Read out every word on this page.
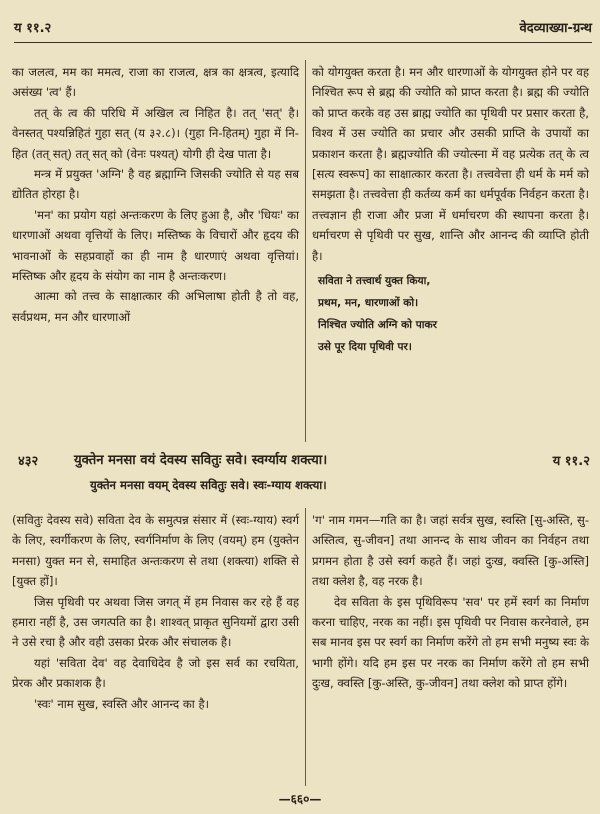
य ११.२	वेदव्याख्या-ग्रन्थ

का जलत्व, मम का ममत्व, राजा का राजत्व, क्षत्र का क्षत्रत्व, इत्यादि असंख्य 'त्व' हैं।

तत् के त्व की परिधि में अखिल त्व निहित है। तत् 'सत्' है। वेनस्तत् पश्यन्निहितं गुहा सत् (य ३२.८)। (गुहा नि-हितम्) गुहा में नि-हित (तत् सत्) तत् सत् को (वेनः पश्यत्) योगी ही देख पाता है।

मन्त्र में प्रयुक्त 'अग्नि' है वह ब्रह्माग्नि जिसकी ज्योति से यह सब द्योतित होरहा है।

'मन' का प्रयोग यहां अन्तःकरण के लिए हुआ है, और 'धियः' का धारणाओं अथवा वृत्तियों के लिए। मस्तिष्क के विचारों और हृदय की भावनाओं के सहप्रवाहों का ही नाम है धारणाएं अथवा वृत्तियां। मस्तिष्क और हृदय के संयोग का नाम है अन्तःकरण।

आत्मा को तत्त्व के साक्षात्कार की अभिलाषा होती है तो वह, सर्वप्रथम, मन और धारणाओं

को योगयुक्त करता है। मन और धारणाओं के योगयुक्त होने पर वह निश्चित रूप से ब्रह्म की ज्योति को प्राप्त करता है। ब्रह्म की ज्योति को प्राप्त करके वह उस ब्राह्म ज्योति का पृथिवी पर प्रसार करता है, विश्व में उस ज्योति का प्रचार और उसकी प्राप्ति के उपायों का प्रकाशन करता है। ब्रह्मज्योति की ज्योत्स्ना में वह प्रत्येक तत् के त्व [सत्य स्वरूप] का साक्षात्कार करता है। तत्त्ववेत्ता ही धर्म के मर्म को समझता है। तत्त्ववेत्ता ही कर्तव्य कर्म का धर्मपूर्वक निर्वहन करता है। तत्त्वज्ञान ही राजा और प्रजा में धर्माचरण की स्थापना करता है। धर्माचरण से पृथिवी पर सुख, शान्ति और आनन्द की व्याप्ति होती है।

सविता ने तत्त्वार्थ युक्त किया,
प्रथम, मन, धारणाओं को।
निश्चित ज्योति अग्नि को पाकर
उसे पूर दिया पृथिवी पर।
४३२	युक्तेन मनसा वयं देवस्य सवितुः सवे। स्वर्ग्याय शक्त्या।	य ११.२
युक्तेन मनसा वयम् देवस्य सवितुः सवे। स्वः-ग्याय शक्त्या।

(सवितुः देवस्य सवे) सविता देव के समुत्पन्न संसार में (स्वः-ग्याय) स्वर्ग के लिए, स्वर्गीकरण के लिए, स्वर्गनिर्माण के लिए (वयम्) हम (युक्तेन मनसा) युक्त मन से, समाहित अन्तःकरण से तथा (शक्त्या) शक्ति से [युक्त हों]।

जिस पृथिवी पर अथवा जिस जगत् में हम निवास कर रहे हैं वह हमारा नहीं है, उस जगत्पति का है। शाश्वत् प्राकृत सुनियमों द्वारा उसी ने उसे रचा है और वही उसका प्रेरक और संचालक है।

यहां 'सविता देव' वह देवाधिदेव है जो इस सर्व का रचयिता, प्रेरक और प्रकाशक है।

'स्वः' नाम सुख, स्वस्ति और आनन्द का है।

'ग' नाम गमन—गति का है। जहां सर्वत्र सुख, स्वस्ति [सु-अस्ति, सु-अस्तित्व, सु-जीवन] तथा आनन्द के साथ जीवन का निर्वहन तथा प्रगमन होता है उसे स्वर्ग कहते हैं। जहां दुःख, क्वस्ति [कु-अस्ति] तथा क्लेश है, वह नरक है।

देव सविता के इस पृथिविरूप 'सव' पर हमें स्वर्ग का निर्माण करना चाहिए, नरक का नहीं। इस पृथिवी पर निवास करनेवाले, हम सब मानव इस पर स्वर्ग का निर्माण करेंगे तो हम सभी मनुष्य स्वः के भागी होंगे। यदि हम इस पर नरक का निर्माण करेंगे तो हम सभी दुःख, क्वस्ति [कु-अस्ति, कु-जीवन] तथा क्लेश को प्राप्त होंगे।

—६६०—
